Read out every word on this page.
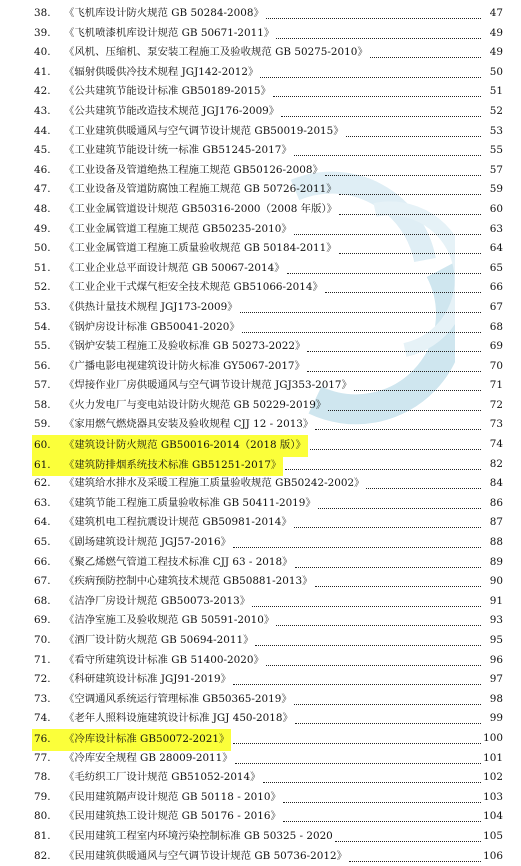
38.	《飞机库设计防火规范 GB 50284-2008》	47
39.	《飞机喷漆机库设计规范 GB 50671-2011》	49
40.	《风机、压缩机、泵安装工程施工及验收规范 GB 50275-2010》	49
41.	《辐射供暖供冷技术规程 JGJ142-2012》	50
42.	《公共建筑节能设计标准 GB50189-2015》	51
43.	《公共建筑节能改造技术规范 JGJ176-2009》	52
44.	《工业建筑供暖通风与空气调节设计规范 GB50019-2015》	53
45.	《工业建筑节能设计统一标准 GB51245-2017》	55
46.	《工业设备及管道绝热工程施工规范 GB50126-2008》	57
47.	《工业设备及管道防腐蚀工程施工规范 GB 50726-2011》	59
48.	《工业金属管道设计规范 GB50316-2000（2008 年版）》	60
49.	《工业金属管道工程施工规范 GB50235-2010》	63
50.	《工业金属管道工程施工质量验收规范 GB 50184-2011》	64
51.	《工业企业总平面设计规范 GB 50067-2014》	65
52.	《工业企业干式煤气柜安全技术规范 GB51066-2014》	66
53.	《供热计量技术规程 JGJ173-2009》	67
54.	《锅炉房设计标准 GB50041-2020》	68
55.	《锅炉安装工程施工及验收标准 GB 50273-2022》	69
56.	《广播电影电视建筑设计防火标准 GY5067-2017》	70
57.	《焊接作业厂房供暖通风与空气调节设计规范 JGJ353-2017》	71
58.	《火力发电厂与变电站设计防火规范 GB 50229-2019》	72
59.	《家用燃气燃烧器具安装及验收规程 CJJ 12 - 2013》	73
60.	《建筑设计防火规范 GB50016-2014（2018 版）》	74
61.	《建筑防排烟系统技术标准 GB51251-2017》	82
62.	《建筑给水排水及采暖工程施工质量验收规范 GB50242-2002》	84
63.	《建筑节能工程施工质量验收标准 GB 50411-2019》	86
64.	《建筑机电工程抗震设计规范 GB50981-2014》	87
65.	《剧场建筑设计规范 JGJ57-2016》	88
66.	《聚乙烯燃气管道工程技术标准 CJJ 63 - 2018》	89
67.	《疾病预防控制中心建筑技术规范 GB50881-2013》	90
68.	《洁净厂房设计规范 GB50073-2013》	91
69.	《洁净室施工及验收规范 GB 50591-2010》	93
70.	《酒厂设计防火规范 GB 50694-2011》	95
71.	《看守所建筑设计标准 GB 51400-2020》	96
72.	《科研建筑设计标准 JGJ91-2019》	97
73.	《空调通风系统运行管理标准 GB50365-2019》	98
74.	《老年人照料设施建筑设计标准 JGJ 450-2018》	99
76.	《冷库设计标准 GB50072-2021》	100
77.	《冷库安全规程 GB 28009-2011》	101
78.	《毛纺织工厂设计规范 GB51052-2014》	102
79.	《民用建筑隔声设计规范 GB 50118 - 2010》	103
80.	《民用建筑热工设计规范 GB 50176 - 2016》	104
81.	《民用建筑工程室内环境污染控制标准 GB 50325 - 2020	105
82.	《民用建筑供暖通风与空气调节设计规范 GB 50736-2012》	106
